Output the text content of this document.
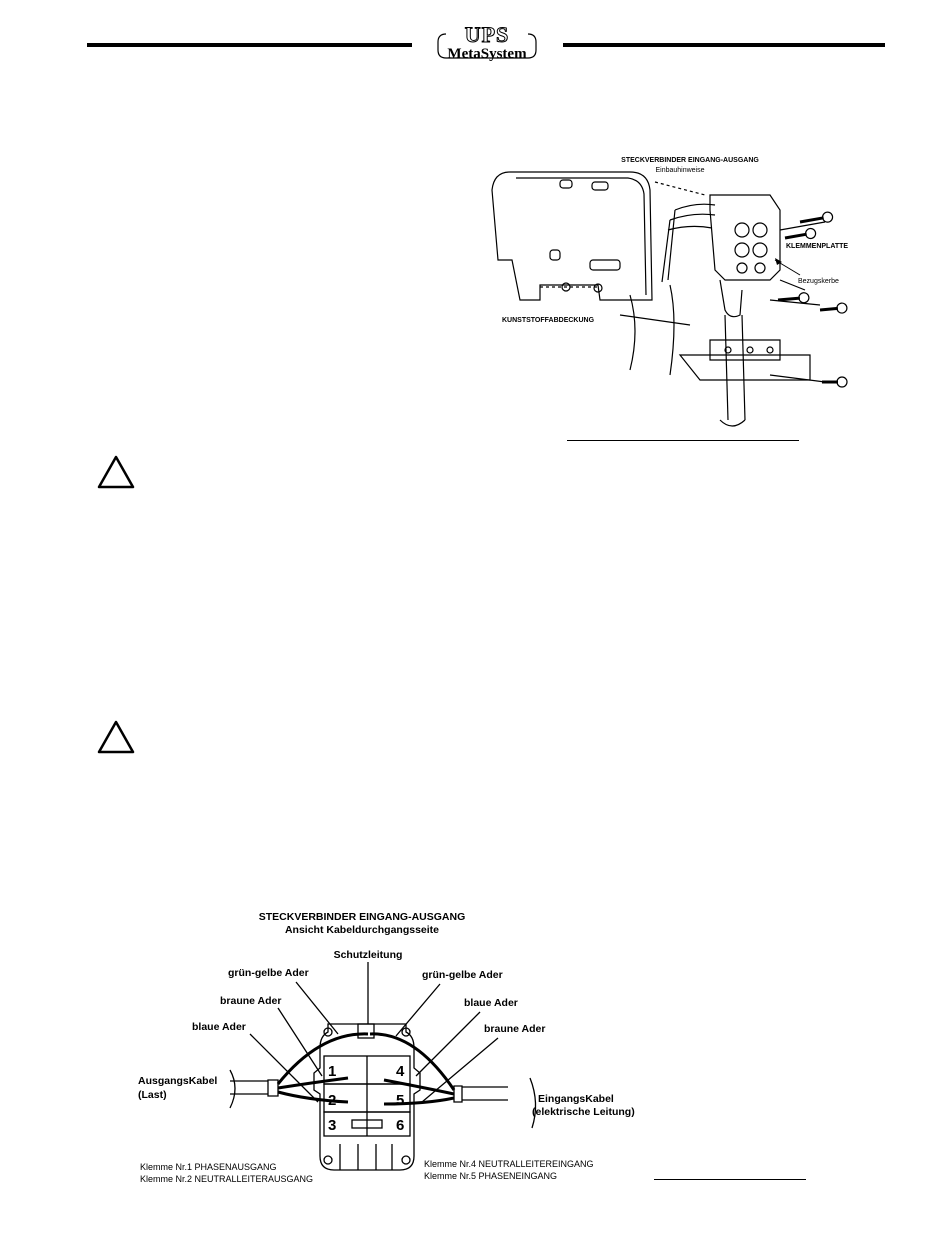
UPS
MetaSystem
STECKVERBINDER EINGANG-AUSGANG
Einbauhinweise
KLEMMENPLATTE
Bezugskerbe
KUNSTSTOFFABDECKUNG
STECKVERBINDER EINGANG-AUSGANG
Ansicht Kabeldurchgangsseite
Schutzleitung
grün-gelbe Ader
braune Ader
blaue Ader
grün-gelbe Ader
blaue Ader
braune Ader
AusgangsKabel
(Last)	EingangsKabel
(elektrische Leitung)
1
2
3
4
5
6
Klemme Nr.1 PHASENAUSGANG
Klemme Nr.2 NEUTRALLEITERAUSGANG
Klemme Nr.4 NEUTRALLEITEREINGANG
Klemme Nr.5 PHASENEINGANG
